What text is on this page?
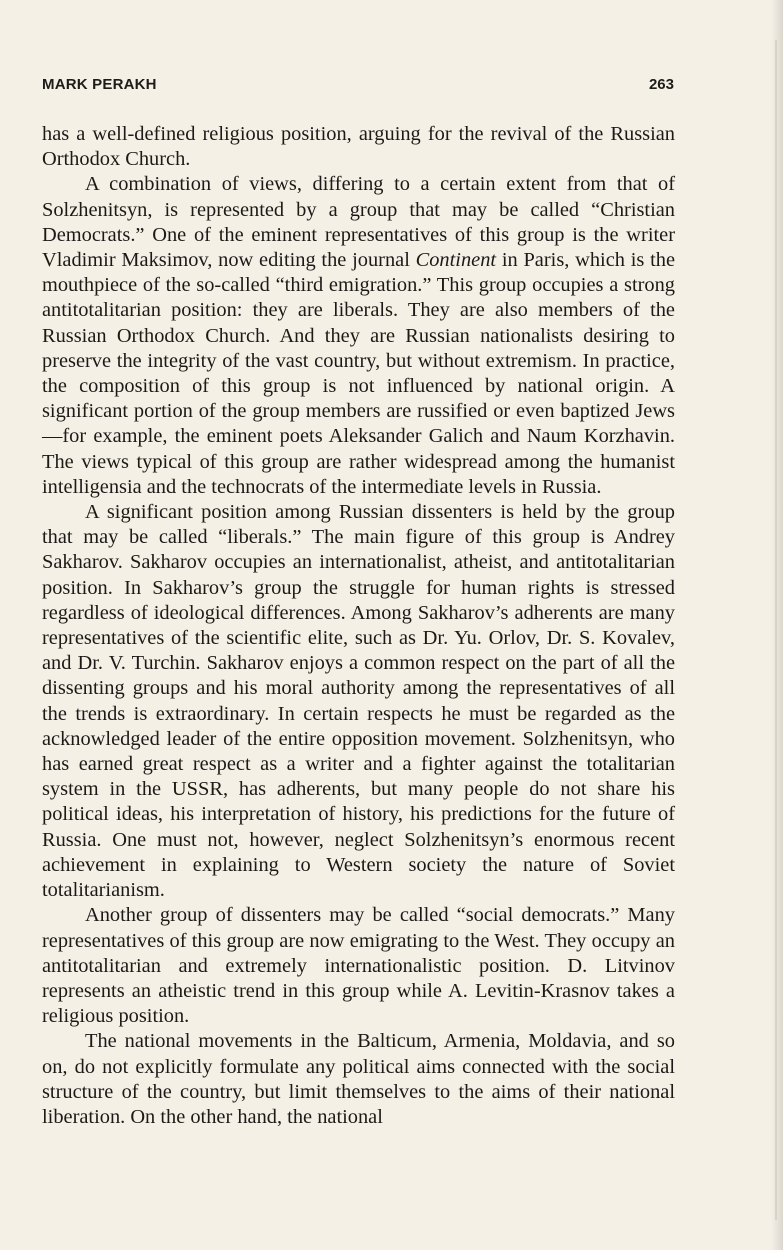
MARK PERAKH	263

has a well-defined religious position, arguing for the revival of the Russian Orthodox Church.

A combination of views, differing to a certain extent from that of Solzhenitsyn, is represented by a group that may be called “Christian Democrats.” One of the eminent representatives of this group is the writer Vladimir Maksimov, now editing the journal Continent in Paris, which is the mouthpiece of the so-called “third emigration.” This group occupies a strong antitotalitarian position: they are liberals. They are also members of the Russian Orthodox Church. And they are Russian nationalists desiring to preserve the integrity of the vast country, but without extremism. In practice, the composition of this group is not influenced by national origin. A significant portion of the group members are russified or even baptized Jews—for example, the eminent poets Aleksander Galich and Naum Korzhavin. The views typical of this group are rather widespread among the humanist intelligensia and the technocrats of the intermediate levels in Russia.

A significant position among Russian dissenters is held by the group that may be called “liberals.” The main figure of this group is Andrey Sakharov. Sakharov occupies an internationalist, atheist, and antitotalitarian position. In Sakharov’s group the struggle for human rights is stressed regardless of ideological differences. Among Sakharov’s adherents are many representatives of the scientific elite, such as Dr. Yu. Orlov, Dr. S. Kovalev, and Dr. V. Turchin. Sakharov enjoys a common respect on the part of all the dissenting groups and his moral authority among the representatives of all the trends is extraordinary. In certain respects he must be regarded as the acknowledged leader of the entire opposition movement. Solzhenitsyn, who has earned great respect as a writer and a fighter against the totalitarian system in the USSR, has adherents, but many people do not share his political ideas, his interpretation of history, his predictions for the future of Russia. One must not, however, neglect Solzhenitsyn’s enormous recent achievement in explaining to Western society the nature of Soviet totalitarianism.

Another group of dissenters may be called “social democrats.” Many representatives of this group are now emigrating to the West. They occupy an antitotalitarian and extremely internationalistic position. D. Litvinov represents an atheistic trend in this group while A. Levitin-Krasnov takes a religious position.

The national movements in the Balticum, Armenia, Moldavia, and so on, do not explicitly formulate any political aims connected with the social structure of the country, but limit themselves to the aims of their national liberation. On the other hand, the national
